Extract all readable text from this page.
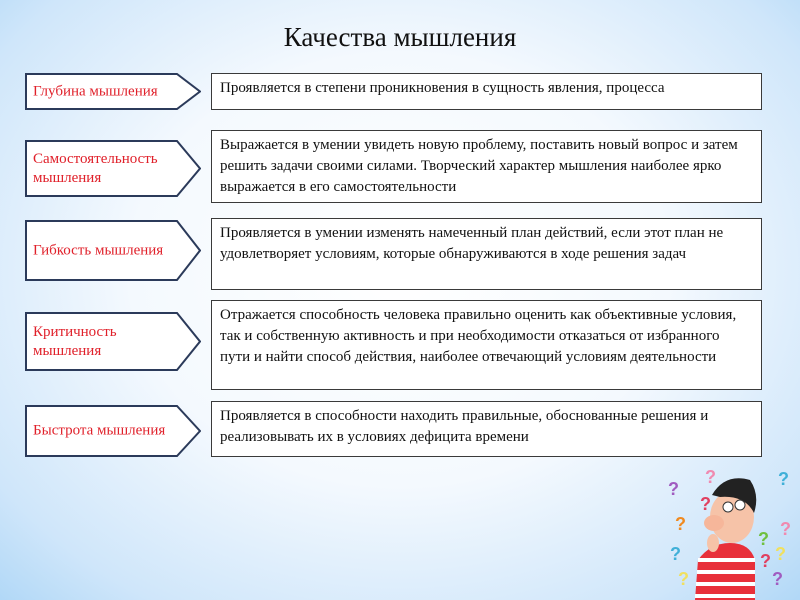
Качества мышления
Глубина мышления	Проявляется в степени проникновения в сущность явления, процесса
Самостоятельность мышления
Выражается в умении увидеть новую проблему, поставить новый вопрос и затем решить задачи своими силами. Творческий характер мышления наиболее ярко выражается в его самостоятельности
Гибкость мышления
Проявляется в умении изменять намеченный план действий, если этот план не удовлетворяет условиям, которые обнаруживаются в ходе решения задач
Критичность мышления
Отражается способность человека правильно оценить как объективные условия, так и собственную активность и при необходимости отказаться от избранного пути и найти способ действия, наиболее отвечающий условиям деятельности
Быстрота мышления
Проявляется в способности находить правильные, обоснованные решения и реализовывать их в условиях дефицита времени
?
?
?
?
?
?	?
? ?
?
?
?
